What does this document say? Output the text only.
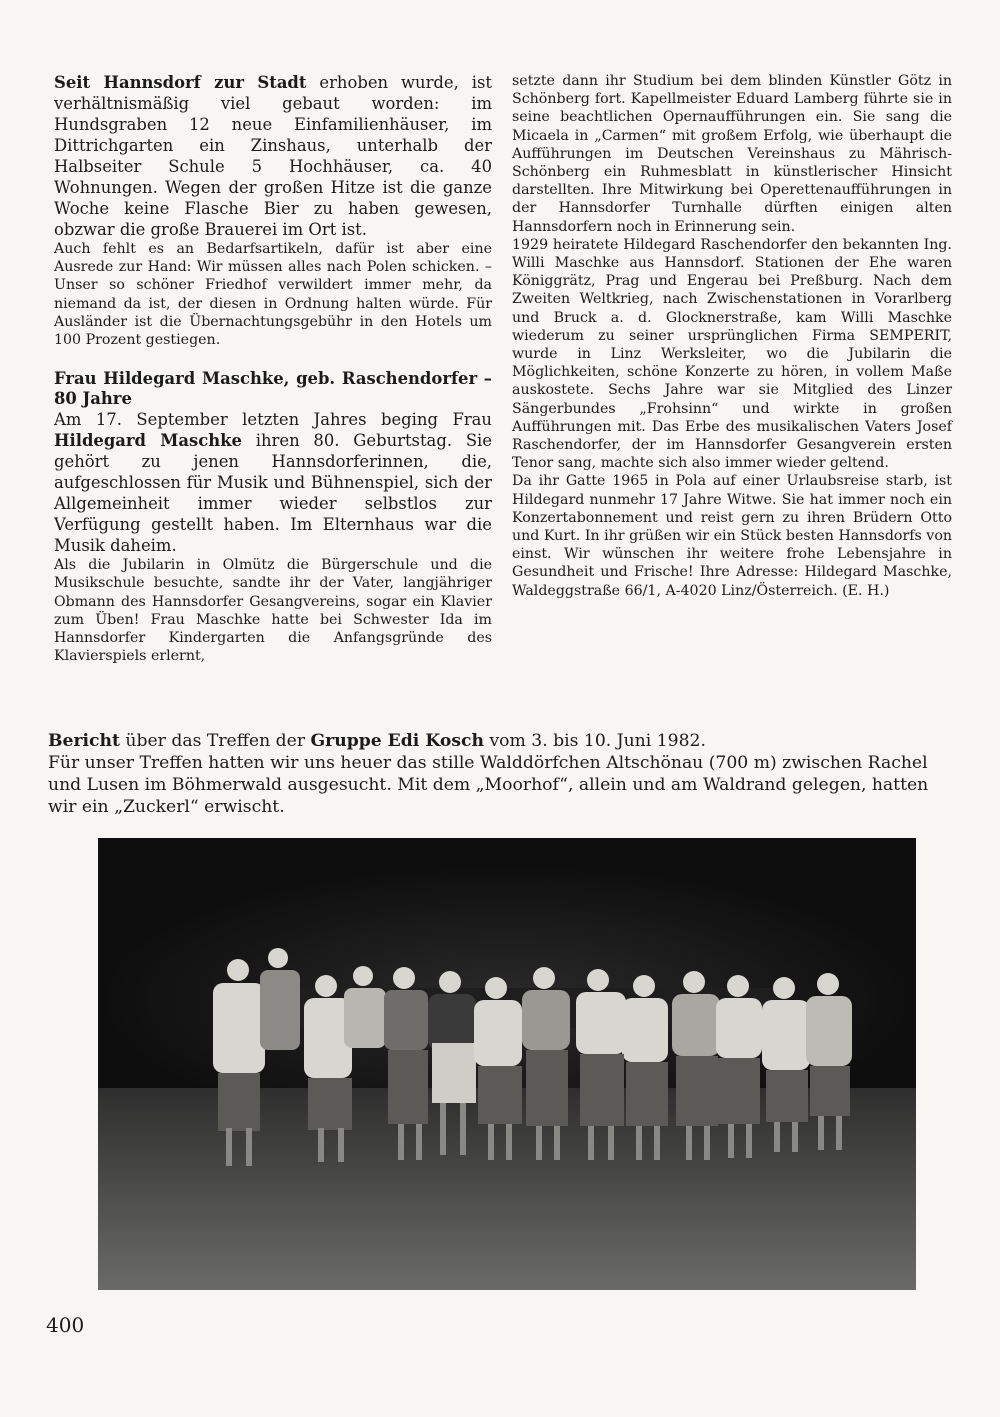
Seit Hannsdorf zur Stadt erhoben wurde, ist verhältnismäßig viel gebaut worden: im Hundsgraben 12 neue Einfamilienhäuser, im Dittrichgarten ein Zinshaus, unterhalb der Halbseiter Schule 5 Hochhäuser, ca. 40 Wohnungen. Wegen der großen Hitze ist die ganze Woche keine Flasche Bier zu haben gewesen, obzwar die große Brauerei im Ort ist.

Auch fehlt es an Bedarfsartikeln, dafür ist aber eine Ausrede zur Hand: Wir müssen alles nach Polen schicken. – Unser so schöner Friedhof verwildert immer mehr, da niemand da ist, der diesen in Ordnung halten würde. Für Ausländer ist die Übernachtungsgebühr in den Hotels um 100 Prozent gestiegen.

Frau Hildegard Maschke, geb. Raschendorfer – 80 Jahre

Am 17. September letzten Jahres beging Frau Hildegard Maschke ihren 80. Geburtstag. Sie gehört zu jenen Hannsdorferinnen, die, aufgeschlossen für Musik und Bühnenspiel, sich der Allgemeinheit immer wieder selbstlos zur Verfügung gestellt haben. Im Elternhaus war die Musik daheim.

Als die Jubilarin in Olmütz die Bürgerschule und die Musikschule besuchte, sandte ihr der Vater, langjähriger Obmann des Hannsdorfer Gesangvereins, sogar ein Klavier zum Üben! Frau Maschke hatte bei Schwester Ida im Hannsdorfer Kindergarten die Anfangsgründe des Klavierspiels erlernt,

setzte dann ihr Studium bei dem blinden Künstler Götz in Schönberg fort. Kapellmeister Eduard Lamberg führte sie in seine beachtlichen Opernaufführungen ein. Sie sang die Micaela in „Carmen“ mit großem Erfolg, wie überhaupt die Aufführungen im Deutschen Vereinshaus zu Mährisch-Schönberg ein Ruhmesblatt in künstlerischer Hinsicht darstellten. Ihre Mitwirkung bei Operettenaufführungen in der Hannsdorfer Turnhalle dürften einigen alten Hannsdorfern noch in Erinnerung sein.

1929 heiratete Hildegard Raschendorfer den bekannten Ing. Willi Maschke aus Hannsdorf. Stationen der Ehe waren Königgrätz, Prag und Engerau bei Preßburg. Nach dem Zweiten Weltkrieg, nach Zwischenstationen in Vorarlberg und Bruck a. d. Glocknerstraße, kam Willi Maschke wiederum zu seiner ursprünglichen Firma SEMPERIT, wurde in Linz Werksleiter, wo die Jubilarin die Möglichkeiten, schöne Konzerte zu hören, in vollem Maße auskostete. Sechs Jahre war sie Mitglied des Linzer Sängerbundes „Frohsinn“ und wirkte in großen Aufführungen mit. Das Erbe des musikalischen Vaters Josef Raschendorfer, der im Hannsdorfer Gesangverein ersten Tenor sang, machte sich also immer wieder geltend.

Da ihr Gatte 1965 in Pola auf einer Urlaubsreise starb, ist Hildegard nunmehr 17 Jahre Witwe. Sie hat immer noch ein Konzertabonnement und reist gern zu ihren Brüdern Otto und Kurt. In ihr grüßen wir ein Stück besten Hannsdorfs von einst. Wir wünschen ihr weitere frohe Lebensjahre in Gesundheit und Frische! Ihre Adresse: Hildegard Maschke, Waldeggstraße 66/1, A-4020 Linz/Österreich. (E. H.)

Bericht über das Treffen der Gruppe Edi Kosch vom 3. bis 10. Juni 1982.

Für unser Treffen hatten wir uns heuer das stille Walddörfchen Altschönau (700 m) zwischen Rachel und Lusen im Böhmerwald ausgesucht. Mit dem „Moorhof“, allein und am Waldrand gelegen, hatten wir ein „Zuckerl“ erwischt.

400
